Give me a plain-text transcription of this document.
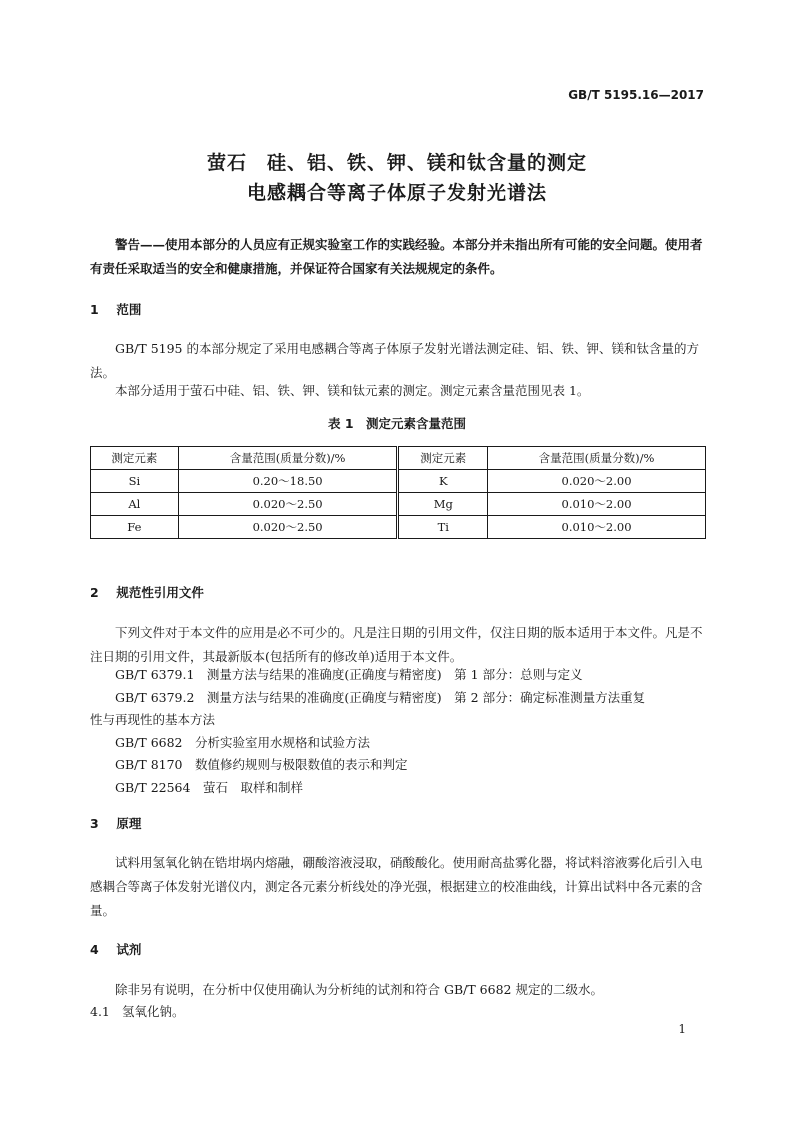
GB/T 5195.16—2017
萤石　硅、铝、铁、钾、镁和钛含量的测定
电感耦合等离子体原子发射光谱法
警告——使用本部分的人员应有正规实验室工作的实践经验。本部分并未指出所有可能的安全问题。使用者有责任采取适当的安全和健康措施，并保证符合国家有关法规规定的条件。
1 范围
GB/T 5195 的本部分规定了采用电感耦合等离子体原子发射光谱法测定硅、铝、铁、钾、镁和钛含量的方法。
本部分适用于萤石中硅、铝、铁、钾、镁和钛元素的测定。测定元素含量范围见表 1。
表 1　测定元素含量范围
测定元素	含量范围(质量分数)/%	测定元素	含量范围(质量分数)/%
Si	0.20～18.50	K	0.020～2.00
Al	0.020～2.50	Mg	0.010～2.00
Fe	0.020～2.50	Ti	0.010～2.00
2 规范性引用文件
下列文件对于本文件的应用是必不可少的。凡是注日期的引用文件，仅注日期的版本适用于本文件。凡是不注日期的引用文件，其最新版本(包括所有的修改单)适用于本文件。
GB/T 6379.1　测量方法与结果的准确度(正确度与精密度)　第 1 部分：总则与定义
GB/T 6379.2　测量方法与结果的准确度(正确度与精密度)　第 2 部分：确定标准测量方法重复
性与再现性的基本方法
GB/T 6682　分析实验室用水规格和试验方法
GB/T 8170　数值修约规则与极限数值的表示和判定
GB/T 22564　萤石　取样和制样
3 原理
试料用氢氧化钠在锆坩埚内熔融，硼酸溶液浸取，硝酸酸化。使用耐高盐雾化器，将试料溶液雾化后引入电感耦合等离子体发射光谱仪内，测定各元素分析线处的净光强，根据建立的校准曲线，计算出试料中各元素的含量。
4 试剂
除非另有说明，在分析中仅使用确认为分析纯的试剂和符合 GB/T 6682 规定的二级水。
4.1 氢氧化钠。
1
